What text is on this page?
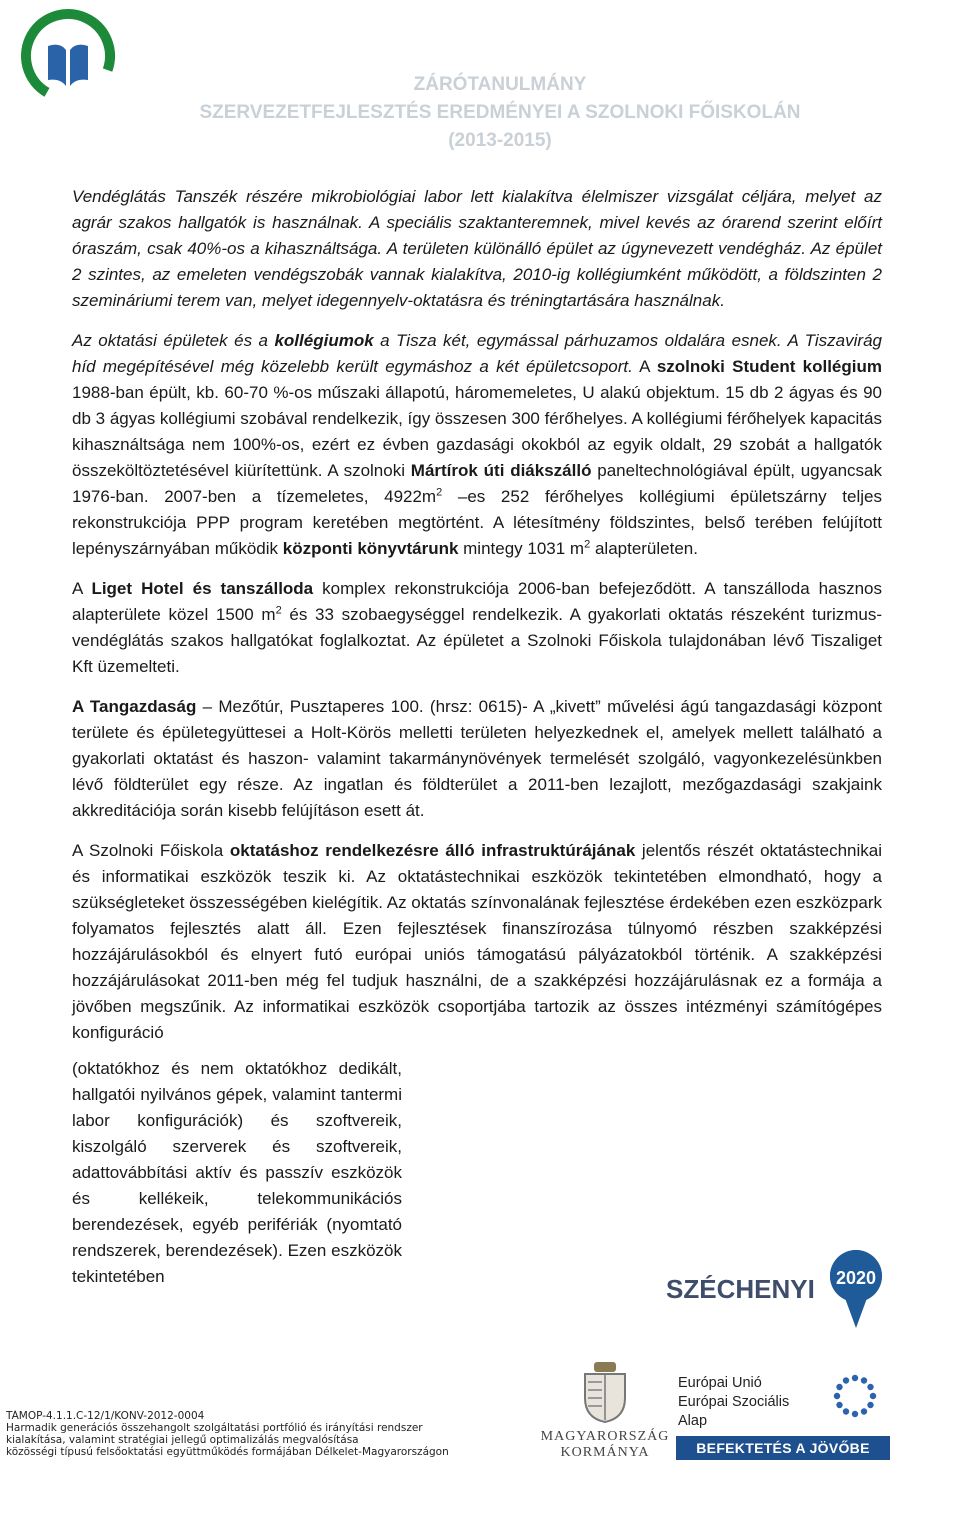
ZÁRÓTANULMÁNY
SZERVEZETFEJLESZTÉS EREDMÉNYEI A SZOLNOKI FŐISKOLÁN
(2013-2015)

Vendéglátás Tanszék részére mikrobiológiai labor lett kialakítva élelmiszer vizsgálat céljára, melyet az agrár szakos hallgatók is használnak. A speciális szaktanteremnek, mivel kevés az órarend szerint előírt óraszám, csak 40%-os a kihasználtsága. A területen különálló épület az úgynevezett vendégház. Az épület 2 szintes, az emeleten vendégszobák vannak kialakítva, 2010-ig kollégiumként működött, a földszinten 2 szemináriumi terem van, melyet idegennyelv-oktatásra és tréningtartására használnak.

Az oktatási épületek és a kollégiumok a Tisza két, egymással párhuzamos oldalára esnek. A Tiszavirág híd megépítésével még közelebb került egymáshoz a két épületcsoport. A szolnoki Student kollégium 1988-ban épült, kb. 60-70 %-os műszaki állapotú, háromemeletes, U alakú objektum. 15 db 2 ágyas és 90 db 3 ágyas kollégiumi szobával rendelkezik, így összesen 300 férőhelyes. A kollégiumi férőhelyek kapacitás kihasználtsága nem 100%-os, ezért ez évben gazdasági okokból az egyik oldalt, 29 szobát a hallgatók összeköltöztetésével kiürítettünk. A szolnoki Mártírok úti diákszálló paneltechnológiával épült, ugyancsak 1976-ban. 2007-ben a tízemeletes, $4922m^2$ –es 252 férőhelyes kollégiumi épületszárny teljes rekonstrukciója PPP program keretében megtörtént. A létesítmény földszintes, belső terében felújított lepényszárnyában működik központi könyvtárunk mintegy 1031 $m^2$ alapterületen.

A Liget Hotel és tanszálloda komplex rekonstrukciója 2006-ban befejeződött. A tanszálloda hasznos alapterülete közel 1500 $m^2$ és 33 szobaegységgel rendelkezik. A gyakorlati oktatás részeként turizmus-vendéglátás szakos hallgatókat foglalkoztat. Az épületet a Szolnoki Főiskola tulajdonában lévő Tiszaliget Kft üzemelteti.

A Tangazdaság – Mezőtúr, Pusztaperes 100. (hrsz: 0615)- A „kivett” művelési ágú tangazdasági központ területe és épületegyüttesei a Holt-Körös melletti területen helyezkednek el, amelyek mellett található a gyakorlati oktatást és haszon- valamint takarmánynövények termelését szolgáló, vagyonkezelésünkben lévő földterület egy része. Az ingatlan és földterület a 2011-ben lezajlott, mezőgazdasági szakjaink akkreditációja során kisebb felújításon esett át.

A Szolnoki Főiskola oktatáshoz rendelkezésre álló infrastruktúrájának jelentős részét oktatástechnikai és informatikai eszközök teszik ki. Az oktatástechnikai eszközök tekintetében elmondható, hogy a szükségleteket összességében kielégítik. Az oktatás színvonalának fejlesztése érdekében ezen eszközpark folyamatos fejlesztés alatt áll. Ezen fejlesztések finanszírozása túlnyomó részben szakképzési hozzájárulásokból és elnyert futó európai uniós támogatású pályázatokból történik. A szakképzési hozzájárulásokat 2011-ben még fel tudjuk használni, de a szakképzési hozzájárulásnak ez a formája a jövőben megszűnik. Az informatikai eszközök csoportjába tartozik az összes intézményi számítógépes konfiguráció

(oktatókhoz és nem oktatókhoz dedikált, hallgatói nyilvános gépek, valamint tantermi labor konfigurációk) és szoftvereik, kiszolgáló szerverek és szoftvereik, adattovábbítási aktív és passzív eszközök és kellékeik, telekommunikációs berendezések, egyéb perifériák (nyomtató rendszerek, berendezések). Ezen eszközök tekintetében	SZÉCHENYI 2020
MAGYARORSZÁG
KORMÁNYA
Európai Unió
Európai Szociális
Alap
BEFEKTETÉS A JÖVŐBE
TÁMOP-4.1.1.C-12/1/KONV-2012-0004
Harmadik generációs összehangolt szolgáltatási portfólió és irányítási rendszer
kialakítása, valamint stratégiai jellegű optimalizálás megvalósítása
közösségi típusú felsőoktatási együttműködés formájában Délkelet-Magyarországon
